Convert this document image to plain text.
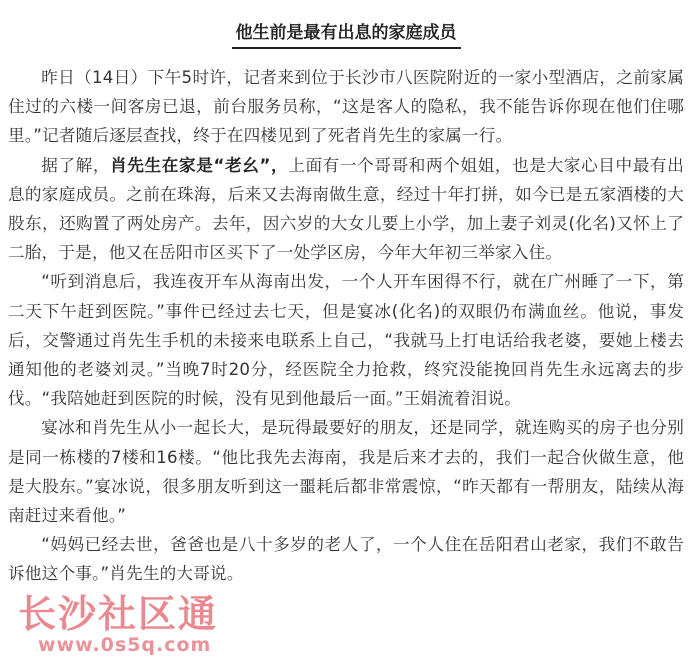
他生前是最有出息的家庭成员

昨日（14日）下午5时许，记者来到位于长沙市八医院附近的一家小型酒店，之前家属住过的六楼一间客房已退，前台服务员称，“这是客人的隐私，我不能告诉你现在他们住哪里。”记者随后逐层查找，终于在四楼见到了死者肖先生的家属一行。

据了解，肖先生在家是“老幺”，上面有一个哥哥和两个姐姐，也是大家心目中最有出息的家庭成员。之前在珠海，后来又去海南做生意，经过十年打拼，如今已是五家酒楼的大股东，还购置了两处房产。去年，因六岁的大女儿要上小学，加上妻子刘灵(化名)又怀上了二胎，于是，他又在岳阳市区买下了一处学区房，今年大年初三举家入住。

“听到消息后，我连夜开车从海南出发，一个人开车困得不行，就在广州睡了一下，第二天下午赶到医院。”事件已经过去七天，但是宴冰(化名)的双眼仍布满血丝。他说，事发后，交警通过肖先生手机的未接来电联系上自己，“我就马上打电话给我老婆，要她上楼去通知他的老婆刘灵。”当晚7时20分，经医院全力抢救，终究没能挽回肖先生永远离去的步伐。“我陪她赶到医院的时候，没有见到他最后一面。”王娟流着泪说。

宴冰和肖先生从小一起长大，是玩得最要好的朋友，还是同学，就连购买的房子也分别是同一栋楼的7楼和16楼。“他比我先去海南，我是后来才去的，我们一起合伙做生意，他是大股东。”宴冰说，很多朋友听到这一噩耗后都非常震惊，“昨天都有一帮朋友，陆续从海南赶过来看他。”

“妈妈已经去世，爸爸也是八十多岁的老人了，一个人住在岳阳君山老家，我们不敢告诉他这个事。”肖先生的大哥说。

长沙社区通
www.0s5q.com
